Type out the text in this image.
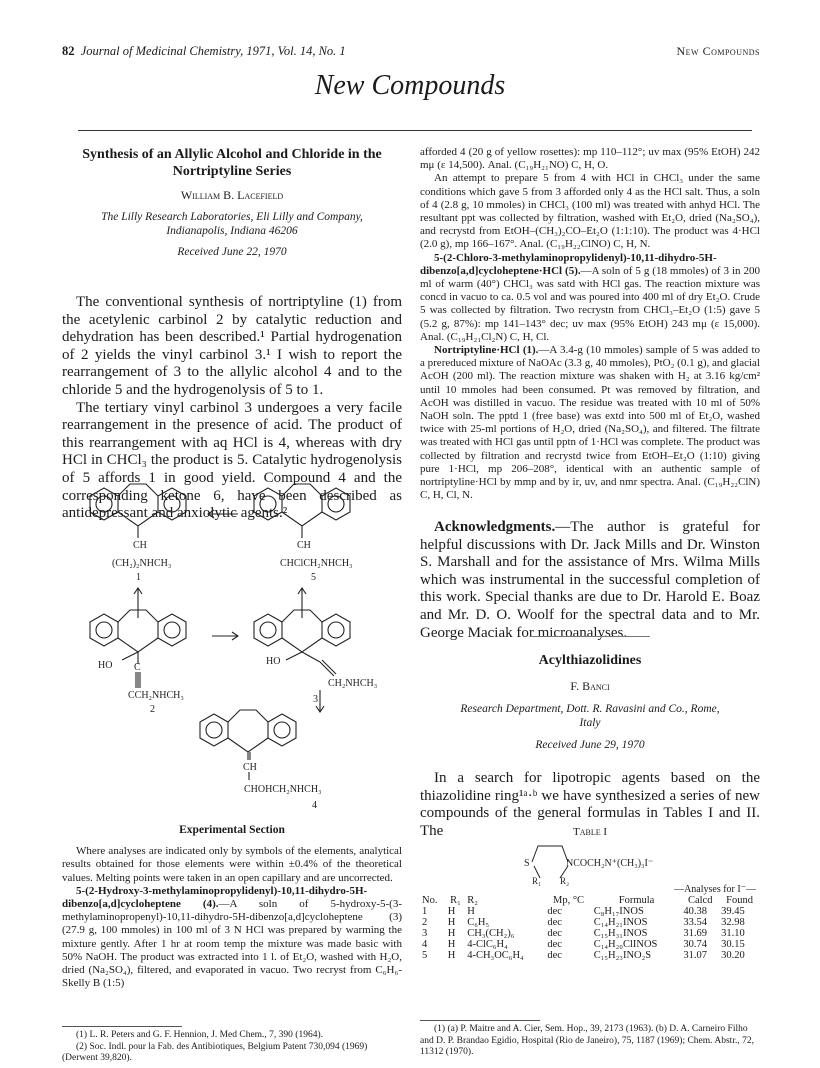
82 Journal of Medicinal Chemistry, 1971, Vol. 14, No. 1	New Compounds
New Compounds
Synthesis of an Allylic Alcohol and Chloride in the Nortriptyline Series
William B. Lacefield
The Lilly Research Laboratories, Eli Lilly and Company, Indianapolis, Indiana 46206
Received June 22, 1970

The conventional synthesis of nortriptyline (1) from the acetylenic carbinol 2 by catalytic reduction and dehydration has been described.¹ Partial hydrogenation of 2 yields the vinyl carbinol 3.¹ I wish to report the rearrangement of 3 to the allylic alcohol 4 and to the chloride 5 and the hydrogenolysis of 5 to 1.

The tertiary vinyl carbinol 3 undergoes a very facile rearrangement in the presence of acid. The product of this rearrangement with aq HCl is 4, whereas with dry HCl in CHCl₃ the product is 5. Catalytic hydrogenolysis of 5 affords 1 in good yield. Compound 4 and the corresponding ketone 6, have been described as antidepressant and anxiolytic agents.²

CH
(CH₂)₂NHCH₃
1
CH
CHClCH₂NHCH₃
5
HO C
CCH₂NHCH₃
2
HO
CH₂NHCH₃
3
CH
CHOHCH₂NHCH₃
4
Experimental Section

Where analyses are indicated only by symbols of the elements, analytical results obtained for those elements were within ±0.4% of the theoretical values. Melting points were taken in an open capillary and are uncorrected.

5-(2-Hydroxy-3-methylaminopropylidenyl)-10,11-dihydro-5H-dibenzo[a,d]cycloheptene (4).—A soln of 5-hydroxy-5-(3-methylaminopropenyl)-10,11-dihydro-5H-dibenzo[a,d]cycloheptene (3) (27.9 g, 100 mmoles) in 100 ml of 3 N HCl was prepared by warming the mixture gently. After 1 hr at room temp the mixture was made basic with 50% NaOH. The product was extracted into 1 l. of Et₂O, washed with H₂O, dried (Na₂SO₄), filtered, and evaporated in vacuo. Two recryst from C₆H₆-Skelly B (1:5)

(1) L. R. Peters and G. F. Hennion, J. Med Chem., 7, 390 (1964).
(2) Soc. Indl. pour la Fab. des Antibiotiques, Belgium Patent 730,094 (1969) (Derwent 39,820).

afforded 4 (20 g of yellow rosettes): mp 110–112°; uv max (95% EtOH) 242 mμ (ε 14,500). Anal. (C₁₉H₂₁NO) C, H, O.

An attempt to prepare 5 from 4 with HCl in CHCl₃ under the same conditions which gave 5 from 3 afforded only 4 as the HCl salt. Thus, a soln of 4 (2.8 g, 10 mmoles) in CHCl₃ (100 ml) was treated with anhyd HCl. The resultant ppt was collected by filtration, washed with Et₂O, dried (Na₂SO₄), and recrystd from EtOH–(CH₃)₂CO–Et₂O (1:1:10). The product was 4·HCl (2.0 g), mp 166–167°. Anal. (C₁₉H₂₂ClNO) C, H, N.

5-(2-Chloro-3-methylaminopropylidenyl)-10,11-dihydro-5H-dibenzo[a,d]cycloheptene·HCl (5).—A soln of 5 g (18 mmoles) of 3 in 200 ml of warm (40°) CHCl₃ was satd with HCl gas. The reaction mixture was concd in vacuo to ca. 0.5 vol and was poured into 400 ml of dry Et₂O. Crude 5 was collected by filtration. Two recrystn from CHCl₃–Et₂O (1:5) gave 5 (5.2 g, 87%): mp 141–143° dec; uv max (95% EtOH) 243 mμ (ε 15,000). Anal. (C₁₉H₂₁Cl₂N) C, H, Cl.

Nortriptyline·HCl (1).—A 3.4-g (10 mmoles) sample of 5 was added to a prereduced mixture of NaOAc (3.3 g, 40 mmoles), PtO₂ (0.1 g), and glacial AcOH (200 ml). The reaction mixture was shaken with H₂ at 3.16 kg/cm² until 10 mmoles had been consumed. Pt was removed by filtration, and AcOH was distilled in vacuo. The residue was treated with 10 ml of 50% NaOH soln. The pptd 1 (free base) was extd into 500 ml of Et₂O, washed twice with 25-ml portions of H₂O, dried (Na₂SO₄), and filtered. The filtrate was treated with HCl gas until pptn of 1·HCl was complete. The product was collected by filtration and recrystd twice from EtOH–Et₂O (1:10) giving pure 1·HCl, mp 206–208°, identical with an authentic sample of nortriptyline·HCl by mmp and by ir, uv, and nmr spectra. Anal. (C₁₉H₂₂ClN) C, H, Cl, N.

Acknowledgments.—The author is grateful for helpful discussions with Dr. Jack Mills and Dr. Winston S. Marshall and for the assistance of Mrs. Wilma Mills which was instrumental in the successful completion of this work. Special thanks are due to Dr. Harold E. Boaz and Mr. D. O. Woolf for the spectral data and to Mr. George Maciak for microanalyses.

Acylthiazolidines
F. Banci
Research Department, Dott. R. Ravasini and Co., Rome, Italy
Received June 29, 1970

In a search for lipotropic agents based on the thiazolidine ring¹ᵃ·ᵇ we have synthesized a series of new compounds of the general formulas in Tables I and II. The	Table I
S	NCOCH₂N⁺(CH₃)₃I⁻
R₁ R₂
—Analyses for I⁻—
No.	R₁	R₂	Mp, °C	Formula	Calcd	Found
1	H	H	dec	C₈H₁₇INOS	40.38	39.45
2	H	C₆H₅	dec	C₁₄H₂₁INOS	33.54	32.98
3	H	CH₃(CH₂)₆	dec	C₁₅H₃₁INOS	31.69	31.10
4	H	4-ClC₆H₄	dec	C₁₄H₂₀ClINOS	30.74	30.15
5	H	4-CH₃OC₆H₄	dec	C₁₅H₂₃INO₂S	31.07	30.20
(1) (a) P. Maitre and A. Cier, Sem. Hop., 39, 2173 (1963). (b) D. A. Carneiro Filho and D. P. Brandao Egidio, Hospital (Rio de Janeiro), 75, 1187 (1969); Chem. Abstr., 72, 11312 (1970).
